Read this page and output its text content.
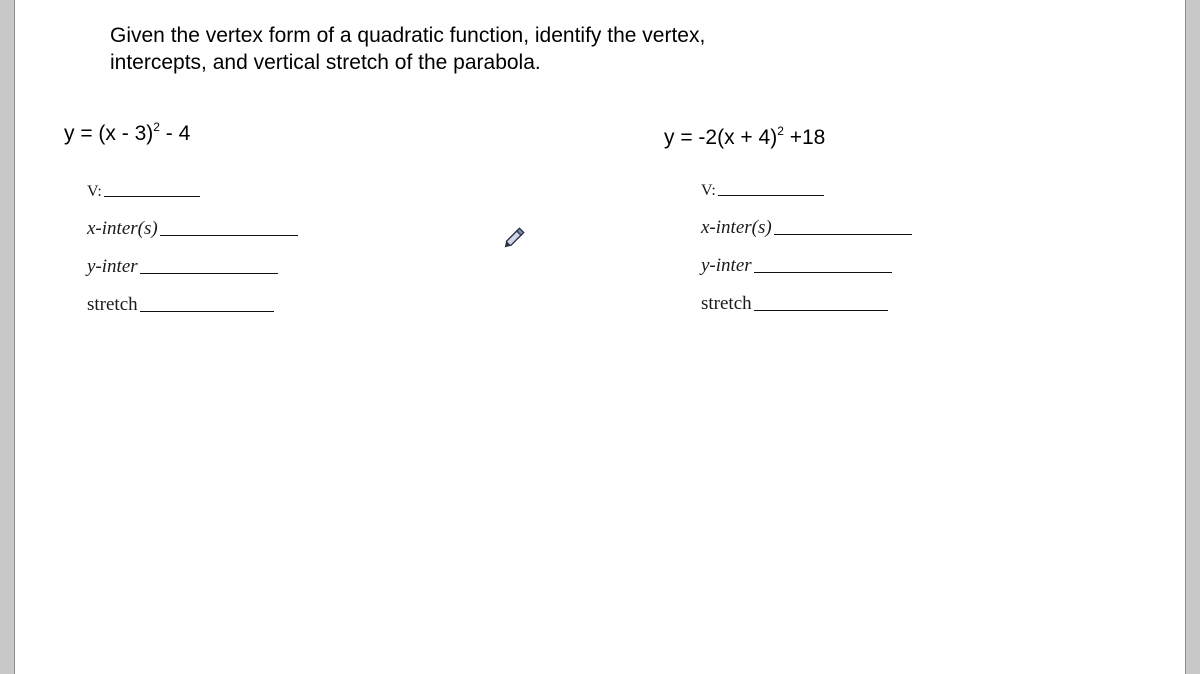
Given the vertex form of a quadratic function, identify the vertex,
intercepts, and vertical stretch of the parabola.

y = (x - 3)$^2$ - 4
V:
x-inter(s)
y-inter
stretch
$y = -2(x + 4)^2 +18$
V:
x-inter(s)
y-inter
stretch
